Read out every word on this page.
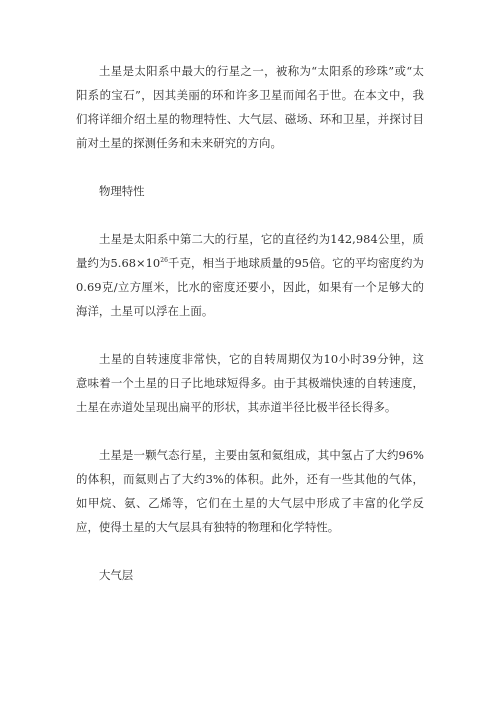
土星是太阳系中最大的行星之一，被称为“太阳系的珍珠”或“太阳系的宝石”，因其美丽的环和许多卫星而闻名于世。在本文中，我们将详细介绍土星的物理特性、大气层、磁场、环和卫星，并探讨目前对土星的探测任务和未来研究的方向。

物理特性

土星是太阳系中第二大的行星，它的直径约为142,984公里，质量约为$5.68\times 10^{26}$千克，相当于地球质量的95倍。它的平均密度约为0.69克/立方厘米，比水的密度还要小，因此，如果有一个足够大的海洋，土星可以浮在上面。

土星的自转速度非常快，它的自转周期仅为10小时39分钟，这意味着一个土星的日子比地球短得多。由于其极端快速的自转速度，土星在赤道处呈现出扁平的形状，其赤道半径比极半径长得多。

土星是一颗气态行星，主要由氢和氦组成，其中氢占了大约96%的体积，而氦则占了大约3%的体积。此外，还有一些其他的气体，如甲烷、氨、乙烯等，它们在土星的大气层中形成了丰富的化学反应，使得土星的大气层具有独特的物理和化学特性。

大气层
